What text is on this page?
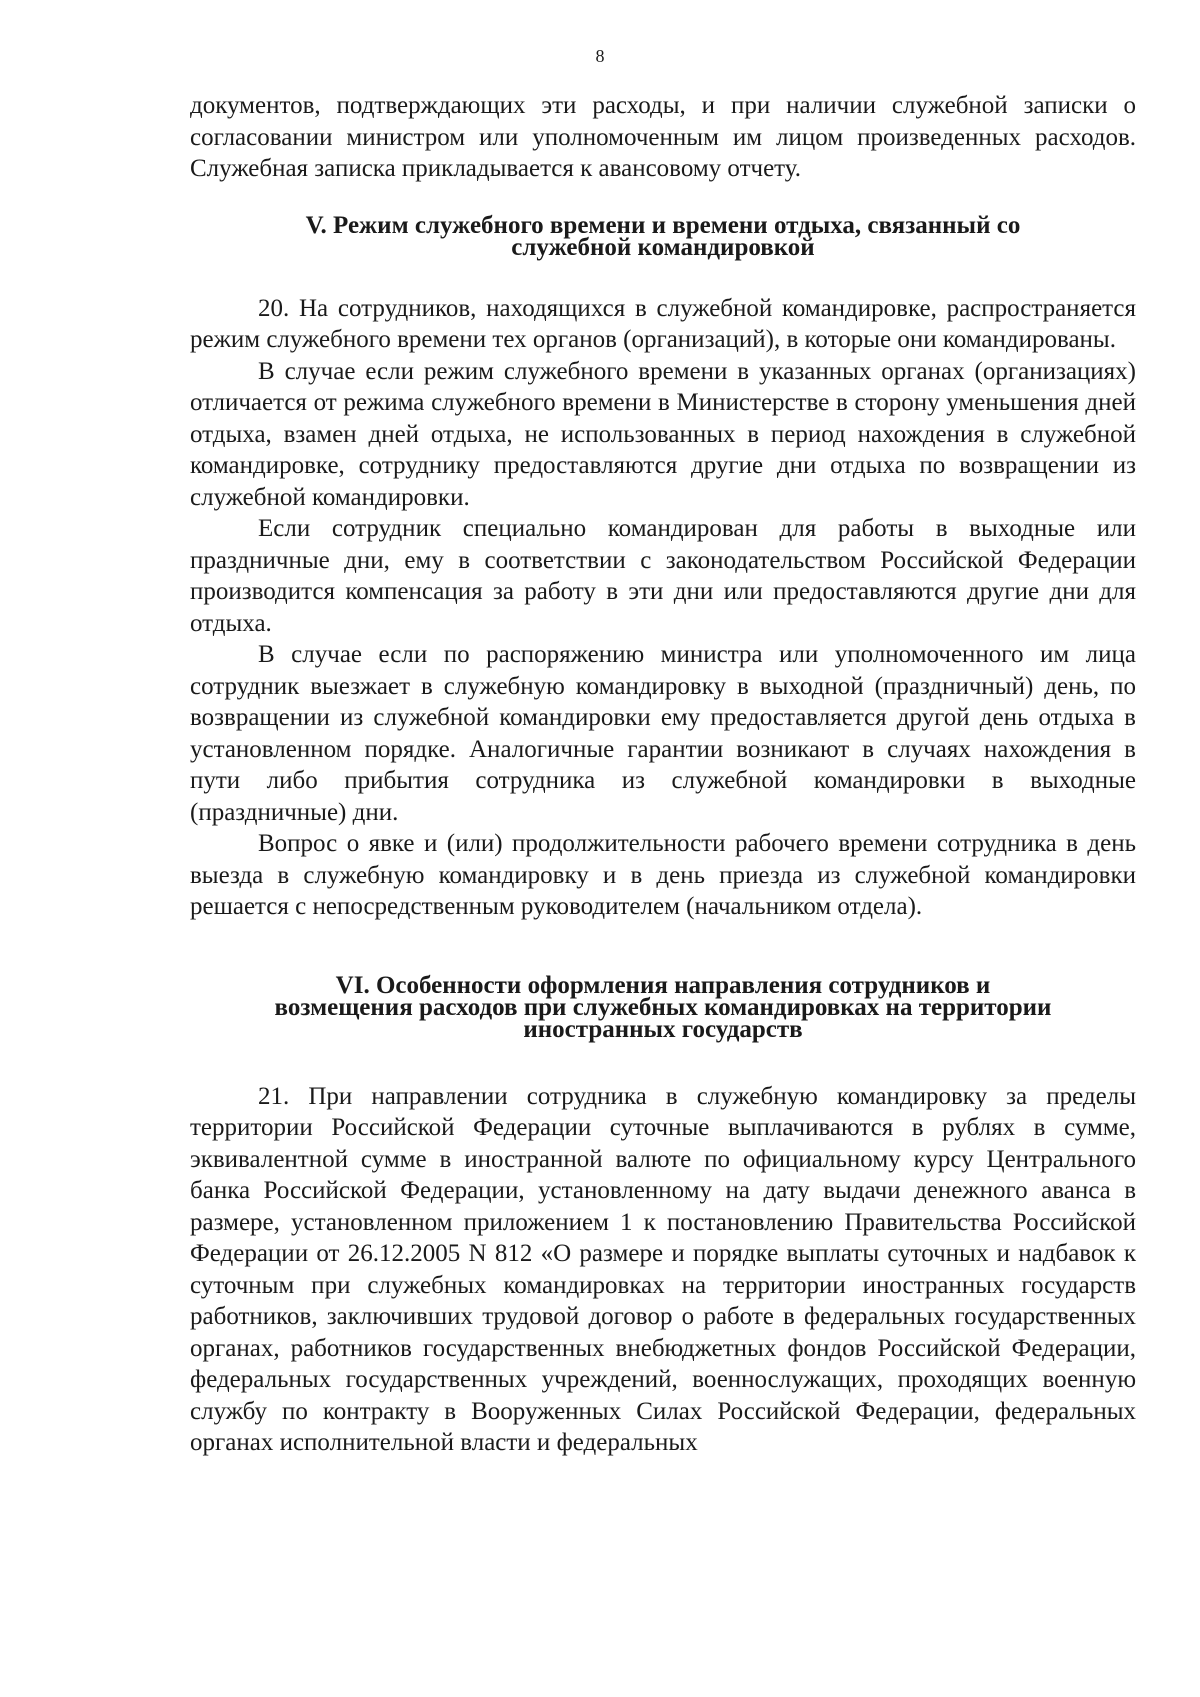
8

документов, подтверждающих эти расходы, и при наличии служебной записки о согласовании министром или уполномоченным им лицом произведенных расходов. Служебная записка прикладывается к авансовому отчету.

V. Режим служебного времени и времени отдыха, связанный со
служебной командировкой

20. На сотрудников, находящихся в служебной командировке, распространяется режим служебного времени тех органов (организаций), в которые они командированы.

В случае если режим служебного времени в указанных органах (организациях) отличается от режима служебного времени в Министерстве в сторону уменьшения дней отдыха, взамен дней отдыха, не использованных в период нахождения в служебной командировке, сотруднику предоставляются другие дни отдыха по возвращении из служебной командировки.

Если сотрудник специально командирован для работы в выходные или праздничные дни, ему в соответствии с законодательством Российской Федерации производится компенсация за работу в эти дни или предоставляются другие дни для отдыха.

В случае если по распоряжению министра или уполномоченного им лица сотрудник выезжает в служебную командировку в выходной (праздничный) день, по возвращении из служебной командировки ему предоставляется другой день отдыха в установленном порядке. Аналогичные гарантии возникают в случаях нахождения в пути либо прибытия сотрудника из служебной командировки в выходные (праздничные) дни.

Вопрос о явке и (или) продолжительности рабочего времени сотрудника в день выезда в служебную командировку и в день приезда из служебной командировки решается с непосредственным руководителем (начальником отдела).

VI. Особенности оформления направления сотрудников и
возмещения расходов при служебных командировках на территории
иностранных государств

21. При направлении сотрудника в служебную командировку за пределы территории Российской Федерации суточные выплачиваются в рублях в сумме, эквивалентной сумме в иностранной валюте по официальному курсу Центрального банка Российской Федерации, установленному на дату выдачи денежного аванса в размере, установленном приложением 1 к постановлению Правительства Российской Федерации от 26.12.2005 N 812 «О размере и порядке выплаты суточных и надбавок к суточным при служебных командировках на территории иностранных государств работников, заключивших трудовой договор о работе в федеральных государственных органах, работников государственных внебюджетных фондов Российской Федерации, федеральных государственных учреждений, военнослужащих, проходящих военную службу по контракту в Вооруженных Силах Российской Федерации, федеральных органах исполнительной власти и федеральных
